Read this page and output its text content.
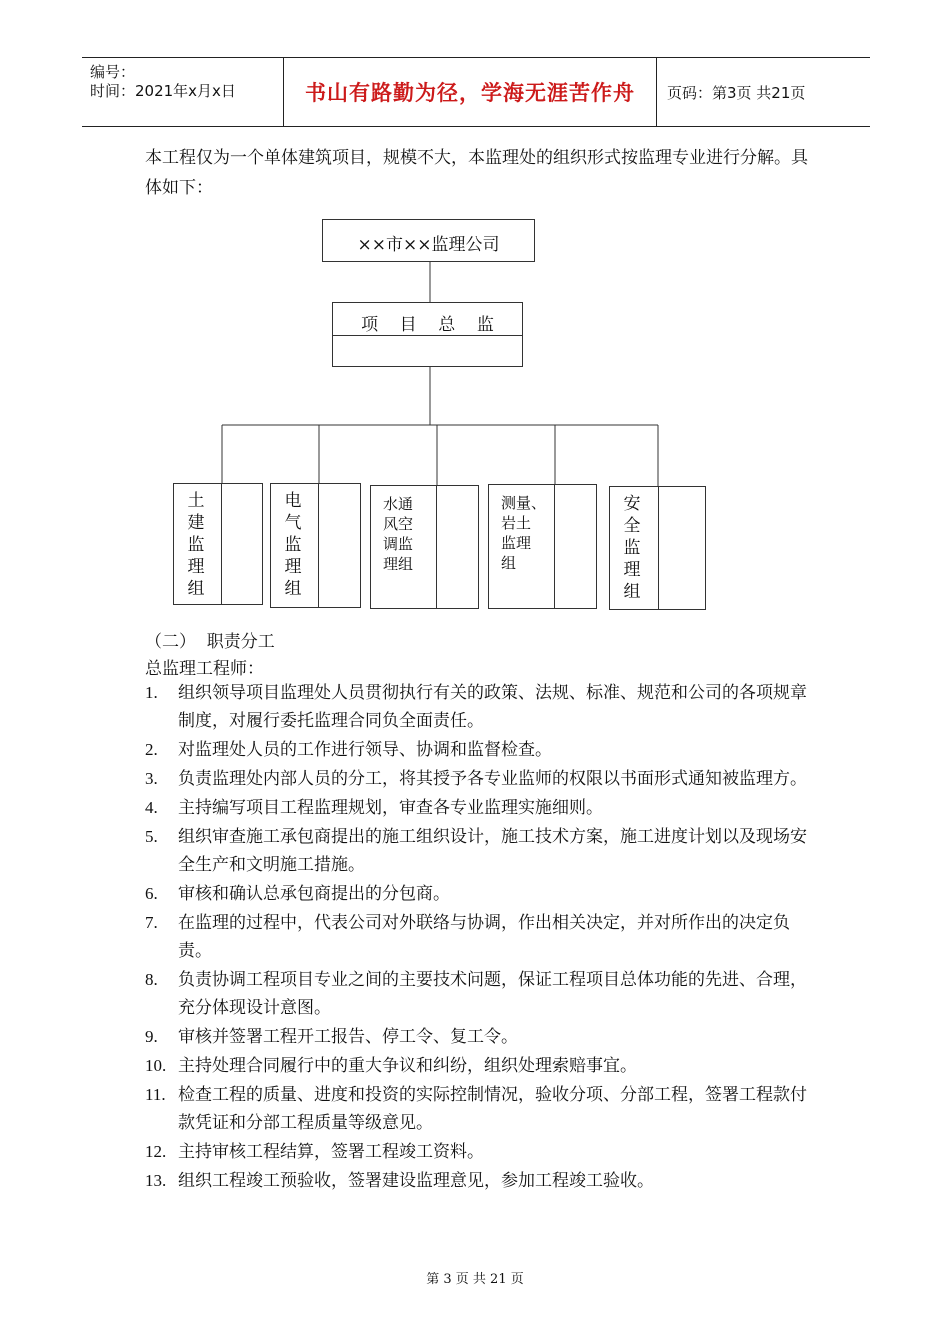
编号：
时间：2021年x月x日	书山有路勤为径，学海无涯苦作舟 页码：第3页 共21页
本工程仅为一个单体建筑项目，规模不大，本监理处的组织形式按监理专业进行分解。具体如下：
××市××监理公司
项    目    总    监
土建监理组
电气监理组
水通
风空
调监
理组
测量、
岩土
监理
组
安全监理组
（二）  职责分工
总监理工程师：
1. 组织领导项目监理处人员贯彻执行有关的政策、法规、标准、规范和公司的各项规章制度，对履行委托监理合同负全面责任。
2. 对监理处人员的工作进行领导、协调和监督检查。
3. 负责监理处内部人员的分工，将其授予各专业监师的权限以书面形式通知被监理方。
4. 主持编写项目工程监理规划，审查各专业监理实施细则。
5. 组织审查施工承包商提出的施工组织设计，施工技术方案，施工进度计划以及现场安全生产和文明施工措施。
6. 审核和确认总承包商提出的分包商。
7. 在监理的过程中，代表公司对外联络与协调，作出相关决定，并对所作出的决定负责。
8. 负责协调工程项目专业之间的主要技术问题，保证工程项目总体功能的先进、合理，充分体现设计意图。
9. 审核并签署工程开工报告、停工令、复工令。
10. 主持处理合同履行中的重大争议和纠纷，组织处理索赔事宜。
11. 检查工程的质量、进度和投资的实际控制情况，验收分项、分部工程，签署工程款付款凭证和分部工程质量等级意见。
12. 主持审核工程结算，签署工程竣工资料。
13. 组织工程竣工预验收，签署建设监理意见，参加工程竣工验收。
第 3 页 共 21 页
